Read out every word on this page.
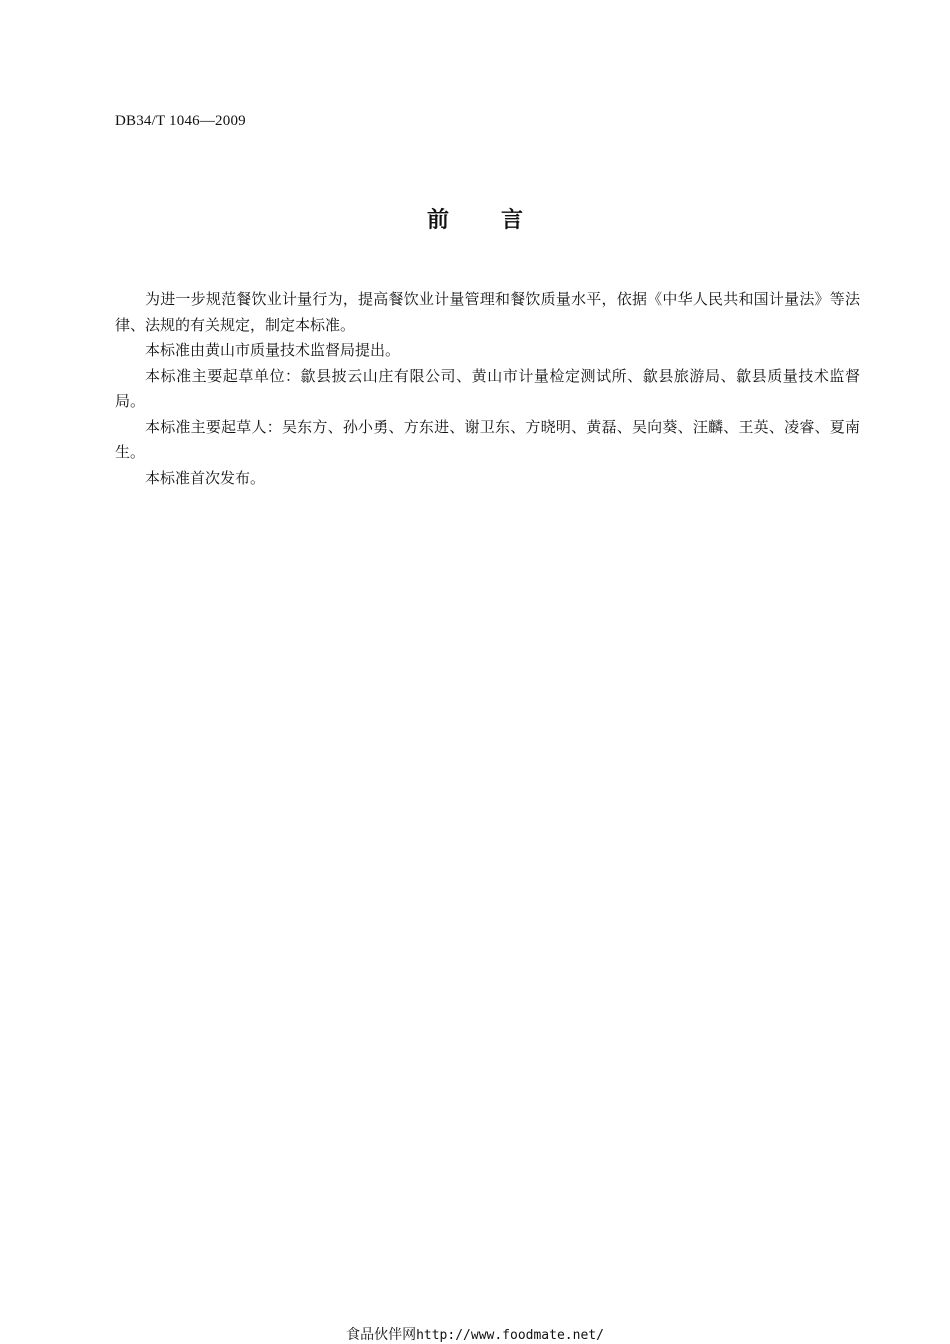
DB34/T 1046—2009
前 言

为进一步规范餐饮业计量行为，提高餐饮业计量管理和餐饮质量水平，依据《中华人民共和国计量法》等法律、法规的有关规定，制定本标准。

本标准由黄山市质量技术监督局提出。

本标准主要起草单位：歙县披云山庄有限公司、黄山市计量检定测试所、歙县旅游局、歙县质量技术监督局。

本标准主要起草人：吴东方、孙小勇、方东进、谢卫东、方晓明、黄磊、吴向葵、汪麟、王英、凌睿、夏南生。

本标准首次发布。

食品伙伴网http://www.foodmate.net/
